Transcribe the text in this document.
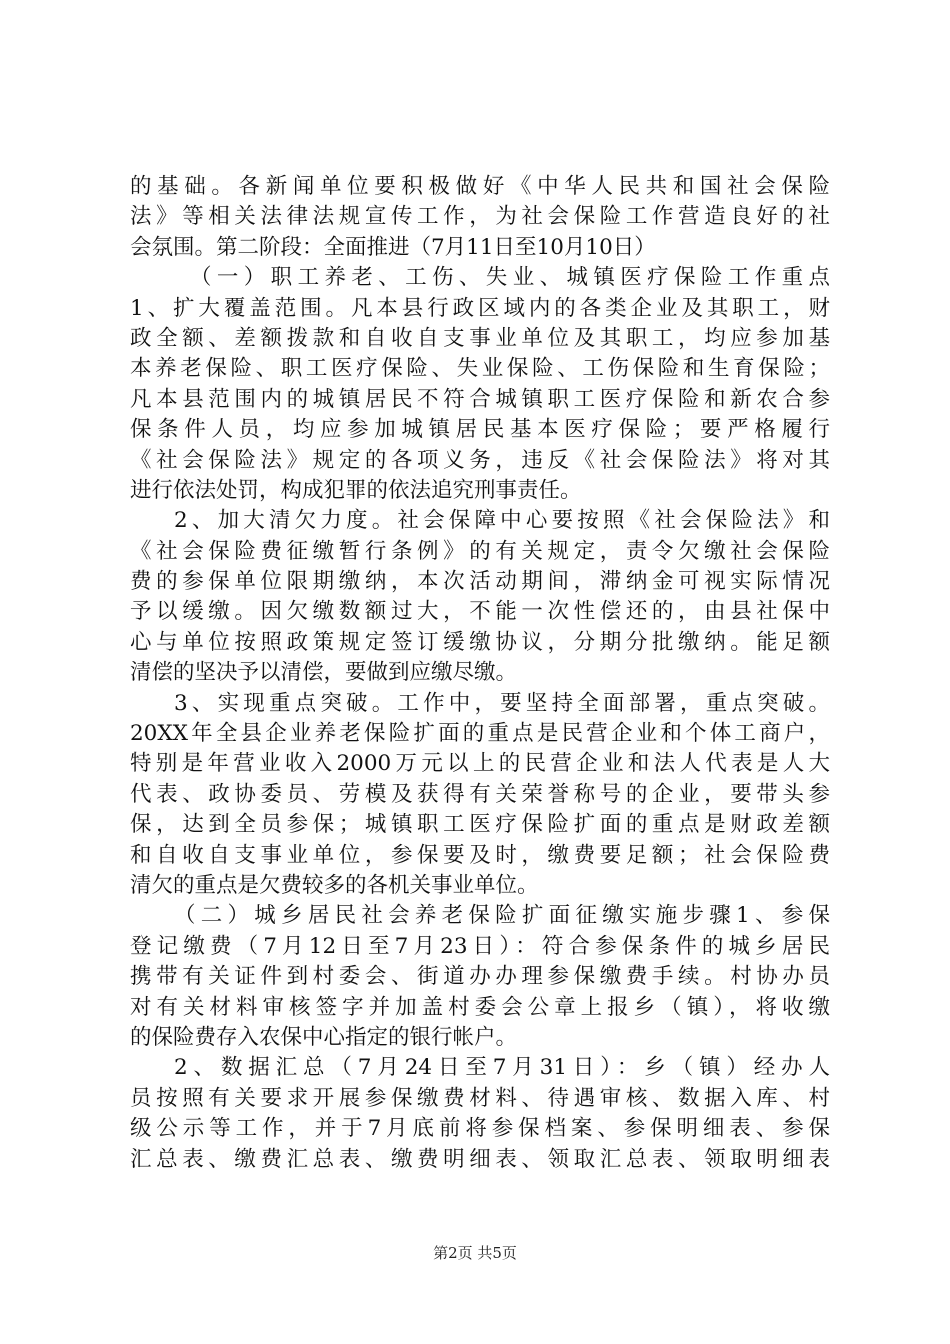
的基础。各新闻单位要积极做好《中华人民共和国社会保险
法》等相关法律法规宣传工作，为社会保险工作营造良好的社
会氛围。第二阶段：全面推进（7月11日至10月10日）
（一）职工养老、工伤、失业、城镇医疗保险工作重点
1、扩大覆盖范围。凡本县行政区域内的各类企业及其职工，财
政全额、差额拨款和自收自支事业单位及其职工，均应参加基
本养老保险、职工医疗保险、失业保险、工伤保险和生育保险；
凡本县范围内的城镇居民不符合城镇职工医疗保险和新农合参
保条件人员，均应参加城镇居民基本医疗保险；要严格履行
《社会保险法》规定的各项义务，违反《社会保险法》将对其
进行依法处罚，构成犯罪的依法追究刑事责任。
2、加大清欠力度。社会保障中心要按照《社会保险法》和
《社会保险费征缴暂行条例》的有关规定，责令欠缴社会保险
费的参保单位限期缴纳，本次活动期间，滞纳金可视实际情况
予以缓缴。因欠缴数额过大，不能一次性偿还的，由县社保中
心与单位按照政策规定签订缓缴协议，分期分批缴纳。能足额
清偿的坚决予以清偿，要做到应缴尽缴。
3、实现重点突破。工作中，要坚持全面部署，重点突破。
20XX年全县企业养老保险扩面的重点是民营企业和个体工商户，
特别是年营业收入2000万元以上的民营企业和法人代表是人大
代表、政协委员、劳模及获得有关荣誉称号的企业，要带头参
保，达到全员参保；城镇职工医疗保险扩面的重点是财政差额
和自收自支事业单位，参保要及时，缴费要足额；社会保险费
清欠的重点是欠费较多的各机关事业单位。
（二）城乡居民社会养老保险扩面征缴实施步骤1、参保
登记缴费（7月12日至7月23日）：符合参保条件的城乡居民
携带有关证件到村委会、街道办办理参保缴费手续。村协办员
对有关材料审核签字并加盖村委会公章上报乡（镇），将收缴
的保险费存入农保中心指定的银行帐户。
2、数据汇总（7月24日至7月31日）：乡（镇）经办人
员按照有关要求开展参保缴费材料、待遇审核、数据入库、村
级公示等工作，并于7月底前将参保档案、参保明细表、参保
汇总表、缴费汇总表、缴费明细表、领取汇总表、领取明细表
第2页 共5页
